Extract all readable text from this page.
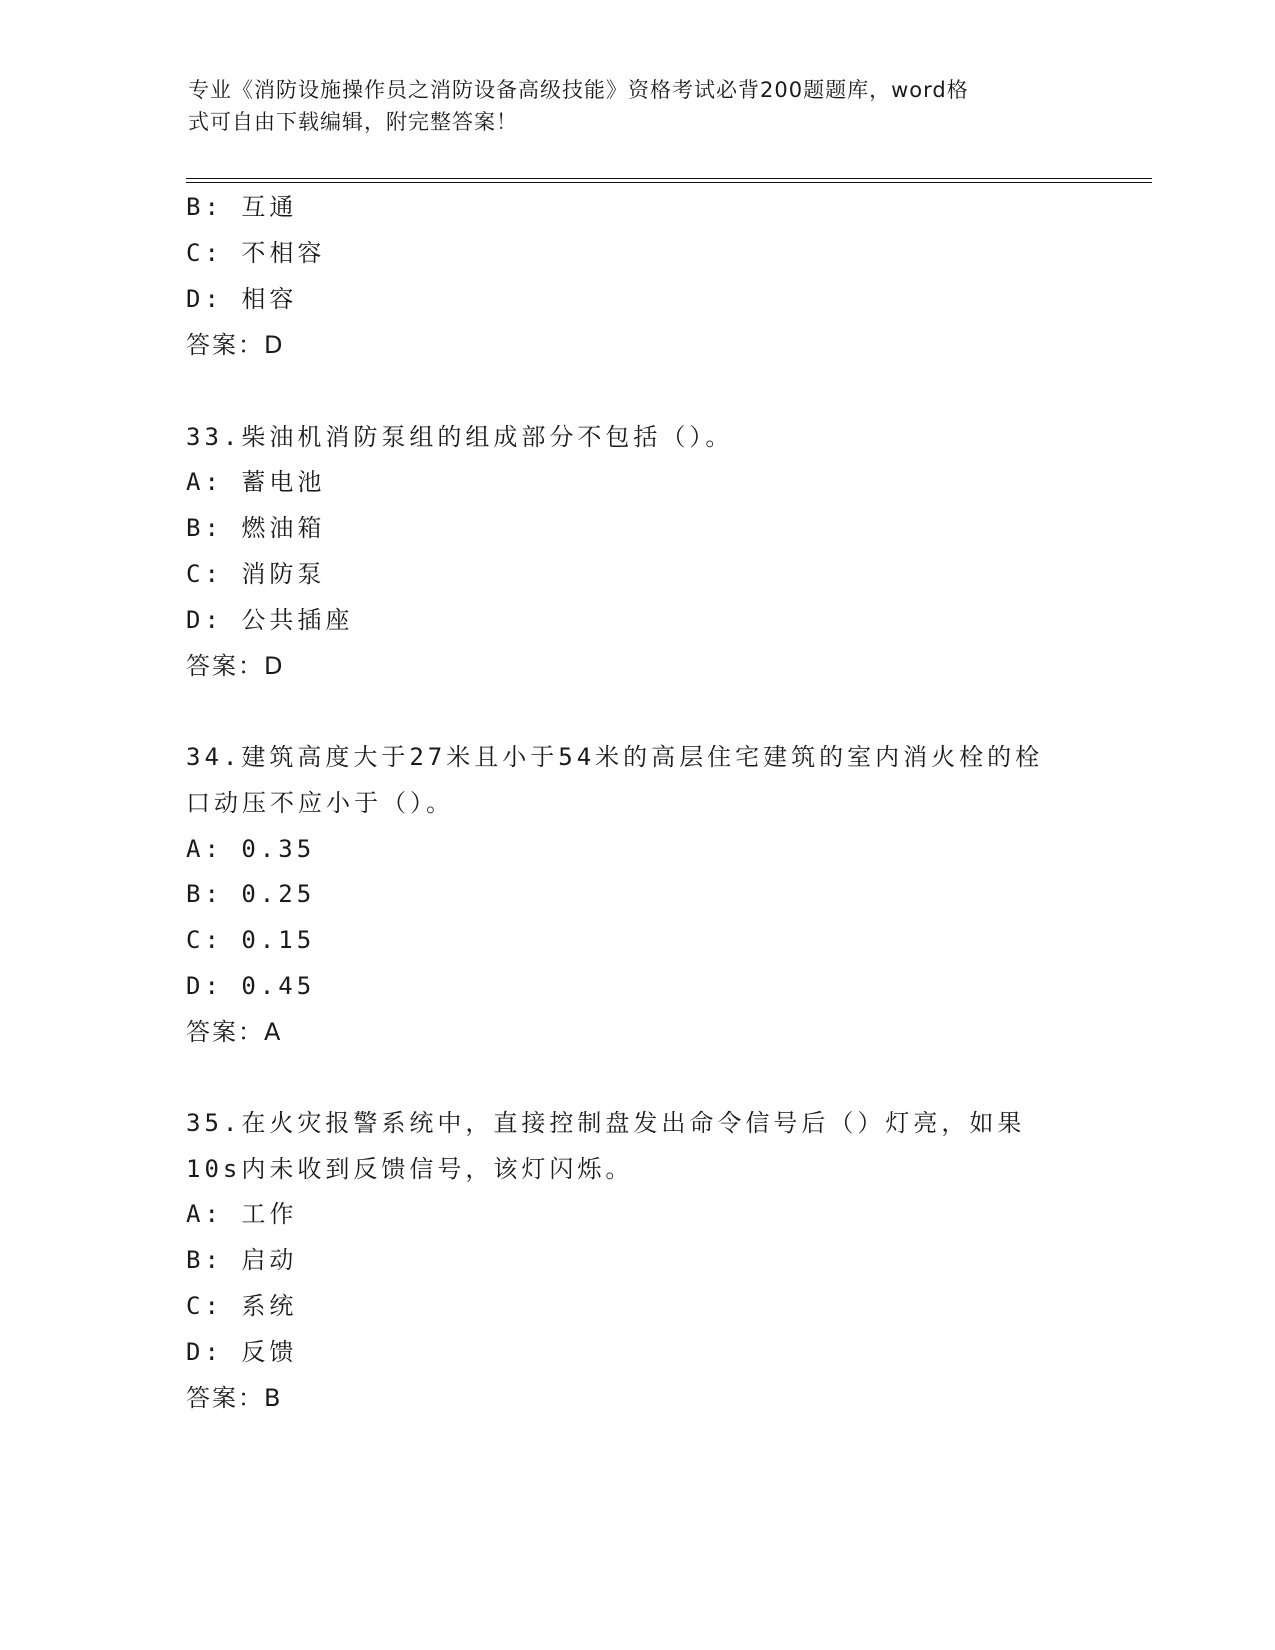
专业《消防设施操作员之消防设备高级技能》资格考试必背200题题库，word格
式可自由下载编辑，附完整答案！
B: 互通
C: 不相容
D: 相容
答案：D
33.柴油机消防泵组的组成部分不包括（）。
A: 蓄电池
B: 燃油箱
C: 消防泵
D: 公共插座
答案：D
34.建筑高度大于27米且小于54米的高层住宅建筑的室内消火栓的栓
口动压不应小于（）。
A: 0.35
B: 0.25
C: 0.15
D: 0.45
答案：A
35.在火灾报警系统中，直接控制盘发出命令信号后（）灯亮，如果
10s内未收到反馈信号，该灯闪烁。
A: 工作
B: 启动
C: 系统
D: 反馈
答案：B
